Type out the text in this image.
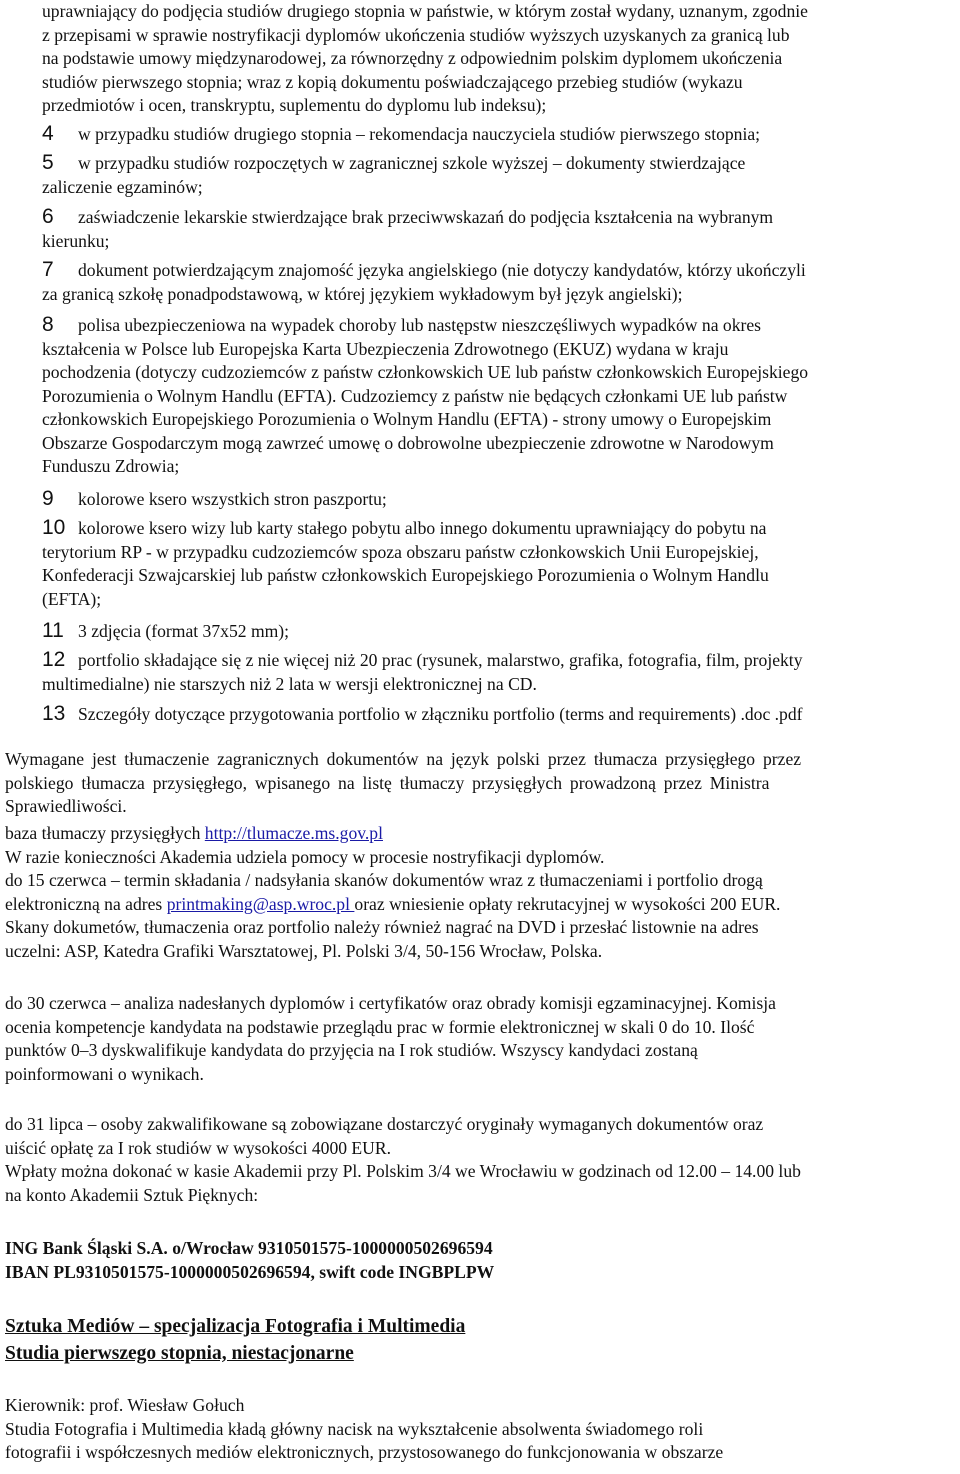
uprawniający do podjęcia studiów drugiego stopnia w państwie, w którym został wydany, uznanym, zgodnie
z przepisami w sprawie nostryfikacji dyplomów ukończenia studiów wyższych uzyskanych za granicą lub
na podstawie umowy międzynarodowej, za równorzędny z odpowiednim polskim dyplomem ukończenia
studiów pierwszego stopnia; wraz z kopią dokumentu poświadczającego przebieg studiów (wykazu
przedmiotów i ocen, transkryptu, suplementu do dyplomu lub indeksu);
4 w przypadku studiów drugiego stopnia – rekomendacja nauczyciela studiów pierwszego stopnia;
5 w przypadku studiów rozpoczętych w zagranicznej szkole wyższej – dokumenty stwierdzające
zaliczenie egzaminów;
6 zaświadczenie lekarskie stwierdzające brak przeciwwskazań do podjęcia kształcenia na wybranym
kierunku;
7 dokument potwierdzającym znajomość języka angielskiego (nie dotyczy kandydatów, którzy ukończyli
za granicą szkołę ponadpodstawową, w której językiem wykładowym był język angielski);
8 polisa ubezpieczeniowa na wypadek choroby lub następstw nieszczęśliwych wypadków na okres
kształcenia w Polsce lub Europejska Karta Ubezpieczenia Zdrowotnego (EKUZ) wydana w kraju
pochodzenia (dotyczy cudzoziemców z państw członkowskich UE lub państw członkowskich Europejskiego
Porozumienia o Wolnym Handlu (EFTA). Cudzoziemcy z państw nie będących członkami UE lub państw
członkowskich Europejskiego Porozumienia o Wolnym Handlu (EFTA) - strony umowy o Europejskim
Obszarze Gospodarczym mogą zawrzeć umowę o dobrowolne ubezpieczenie zdrowotne w Narodowym
Funduszu Zdrowia;
9 kolorowe ksero wszystkich stron paszportu;
10 kolorowe ksero wizy lub karty stałego pobytu albo innego dokumentu uprawniający do pobytu na
terytorium RP - w przypadku cudzoziemców spoza obszaru państw członkowskich Unii Europejskiej,
Konfederacji Szwajcarskiej lub państw członkowskich Europejskiego Porozumienia o Wolnym Handlu
(EFTA);
11 3 zdjęcia (format 37x52 mm);
12 portfolio składające się z nie więcej niż 20 prac (rysunek, malarstwo, grafika, fotografia, film, projekty
multimedialne) nie starszych niż 2 lata w wersji elektronicznej na CD.
13 Szczegóły dotyczące przygotowania portfolio w złączniku portfolio (terms and requirements) .doc .pdf
Wymagane jest tłumaczenie zagranicznych dokumentów na język polski przez tłumacza przysięgłego przez
polskiego tłumacza przysięgłego, wpisanego na listę tłumaczy przysięgłych prowadzoną przez Ministra
Sprawiedliwości.
baza tłumaczy przysięgłych http://tlumacze.ms.gov.pl
W razie konieczności Akademia udziela pomocy w procesie nostryfikacji dyplomów.
do 15 czerwca – termin składania / nadsyłania skanów dokumentów wraz z tłumaczeniami i portfolio drogą
elektroniczną na adres printmaking@asp.wroc.pl oraz wniesienie opłaty rekrutacyjnej w wysokości 200 EUR.
Skany dokumetów, tłumaczenia oraz portfolio należy również nagrać na DVD i przesłać listownie na adres
uczelni: ASP, Katedra Grafiki Warsztatowej, Pl. Polski 3/4, 50-156 Wrocław, Polska.
do 30 czerwca – analiza nadesłanych dyplomów i certyfikatów oraz obrady komisji egzaminacyjnej. Komisja
ocenia kompetencje kandydata na podstawie przeglądu prac w formie elektronicznej w skali 0 do 10. Ilość
punktów 0–3 dyskwalifikuje kandydata do przyjęcia na I rok studiów. Wszyscy kandydaci zostaną
poinformowani o wynikach.
do 31 lipca – osoby zakwalifikowane są zobowiązane dostarczyć oryginały wymaganych dokumentów oraz
uiścić opłatę za I rok studiów w wysokości 4000 EUR.
Wpłaty można dokonać w kasie Akademii przy Pl. Polskim 3/4 we Wrocławiu w godzinach od 12.00 – 14.00 lub
na konto Akademii Sztuk Pięknych:
ING Bank Śląski S.A. o/Wrocław 9310501575-1000000502696594
IBAN PL9310501575-1000000502696594, swift code INGBPLPW
Sztuka Mediów – specjalizacja Fotografia i Multimedia
Studia pierwszego stopnia, niestacjonarne
Kierownik: prof. Wiesław Gołuch
Studia Fotografia i Multimedia kładą główny nacisk na wykształcenie absolwenta świadomego roli
fotografii i współczesnych mediów elektronicznych, przystosowanego do funkcjonowania w obszarze
